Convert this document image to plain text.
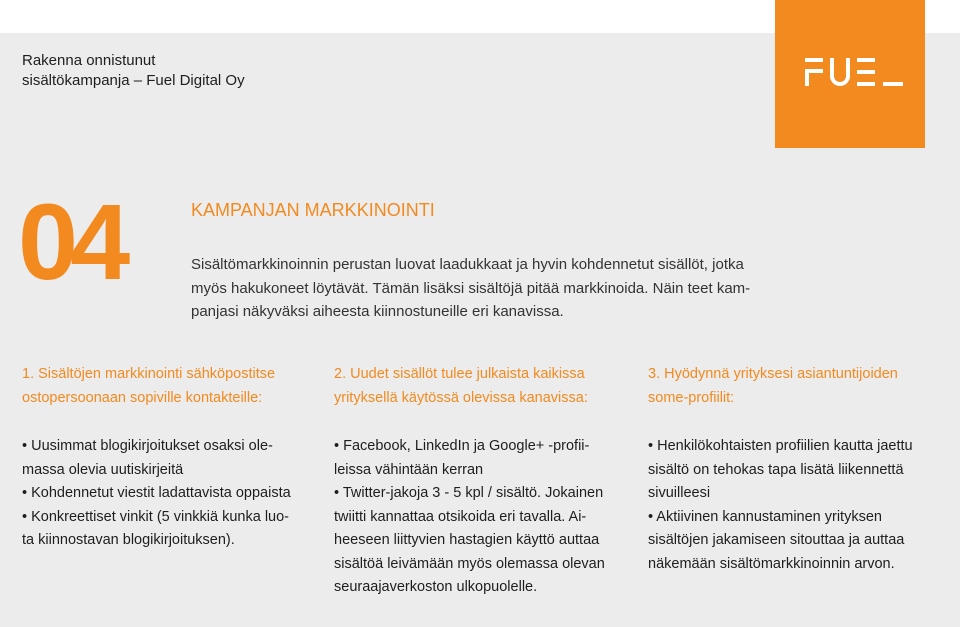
Rakenna onnistunut
sisältökampanja – Fuel Digital Oy
04	KAMPANJAN MARKKINOINTI
Sisältömarkkinoinnin perustan luovat laadukkaat ja hyvin kohdennetut sisällöt, jotka
myös hakukoneet löytävät. Tämän lisäksi sisältöjä pitää markkinoida. Näin teet kam-
panjasi näkyväksi aiheesta kiinnostuneille eri kanavissa.
1. Sisältöjen markkinointi sähköpostitse
ostopersoonaan sopiville kontakteille:
• Uusimmat blogikirjoitukset osaksi ole-
massa olevia uutiskirjeitä
• Kohdennetut viestit ladattavista oppaista
• Konkreettiset vinkit (5 vinkkiä kunka luo-
ta kiinnostavan blogikirjoituksen).
2. Uudet sisällöt tulee julkaista kaikissa
yrityksellä käytössä olevissa kanavissa:
• Facebook, LinkedIn ja Google+ -profii-
leissa vähintään kerran
• Twitter-jakoja 3 - 5 kpl / sisältö. Jokainen
twiitti kannattaa otsikoida eri tavalla. Ai-
heeseen liittyvien hastagien käyttö auttaa
sisältöä leivämään myös olemassa olevan
seuraajaverkoston ulkopuolelle.
3. Hyödynnä yrityksesi asiantuntijoiden
some-profiilit:
• Henkilökohtaisten profiilien kautta jaettu
sisältö on tehokas tapa lisätä liikennettä
sivuilleesi
• Aktiivinen kannustaminen yrityksen
sisältöjen jakamiseen sitouttaa ja auttaa
näkemään sisältömarkkinoinnin arvon.
